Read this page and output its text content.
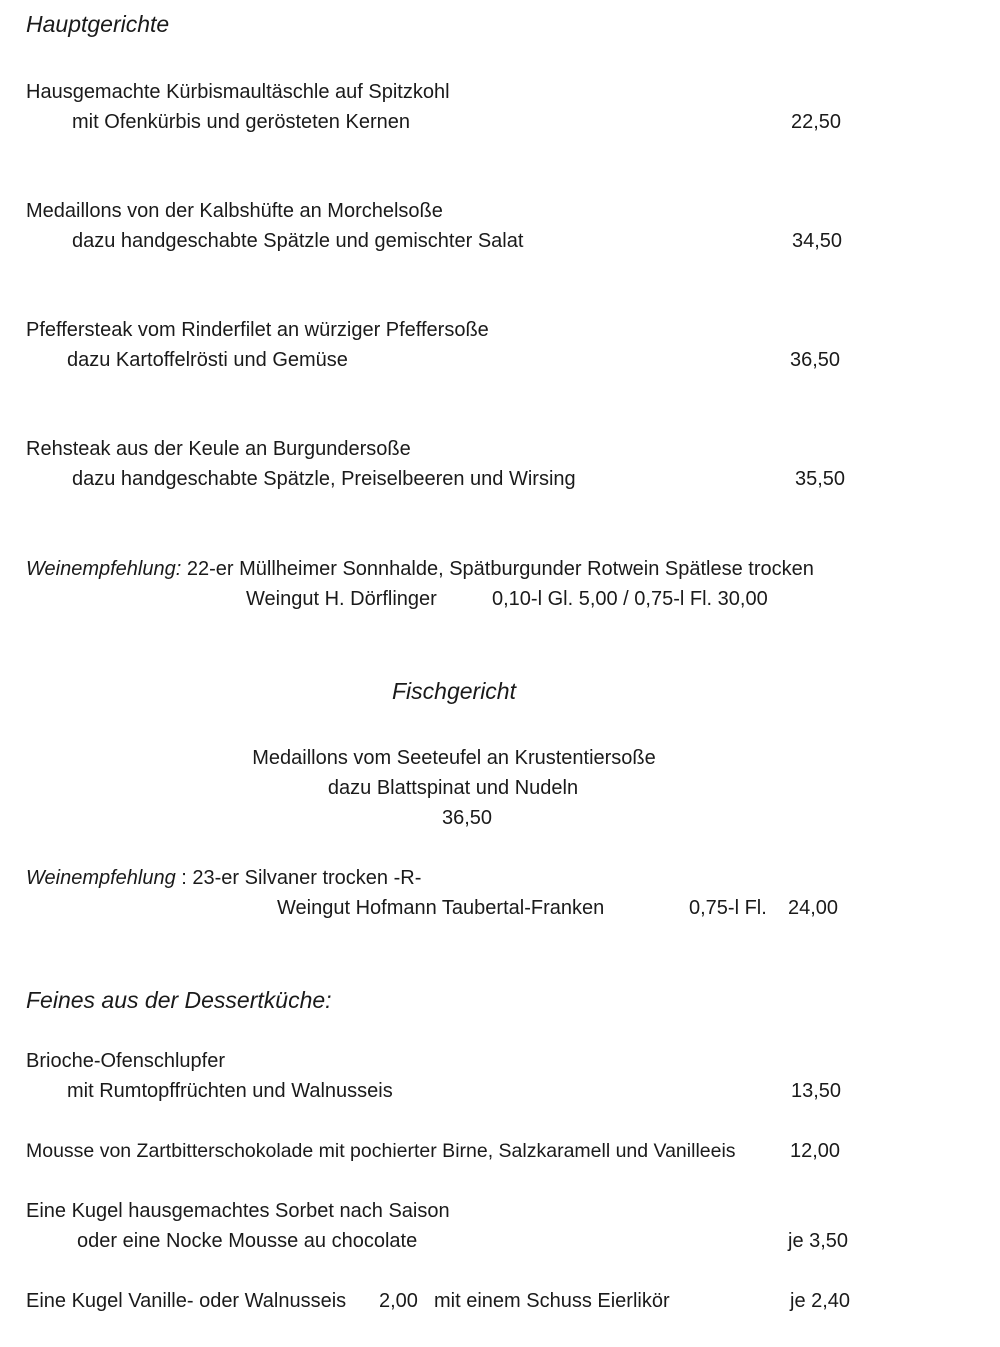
Hauptgerichte
Hausgemachte Kürbismaultäschle auf Spitzkohl
mit Ofenkürbis und gerösteten Kernen	22,50
Medaillons von der Kalbshüfte an Morchelsoße
dazu handgeschabte Spätzle und gemischter Salat	34,50
Pfeffersteak vom Rinderfilet an würziger Pfeffersoße
dazu Kartoffelrösti und Gemüse	36,50
Rehsteak aus der Keule an Burgundersoße
dazu handgeschabte Spätzle, Preiselbeeren und Wirsing	35,50
Weinempfehlung: 22-er Müllheimer Sonnhalde, Spätburgunder Rotwein Spätlese trocken
Weingut H. Dörflinger	0,10-l Gl. 5,00 / 0,75-l Fl. 30,00
Fischgericht
Medaillons vom Seeteufel an Krustentiersoße
dazu Blattspinat und Nudeln
36,50
Weinempfehlung : 23-er Silvaner trocken -R-
Weingut Hofmann Taubertal-Franken	0,75-l Fl. 24,00
Feines aus der Dessertküche:
Brioche-Ofenschlupfer
mit Rumtopffrüchten und Walnusseis	13,50
Mousse von Zartbitterschokolade mit pochierter Birne, Salzkaramell und Vanilleeis	12,00
Eine Kugel hausgemachtes Sorbet nach Saison
oder eine Nocke Mousse au chocolate	je 3,50
Eine Kugel Vanille- oder Walnusseis 2,00 mit einem Schuss Eierlikör	je 2,40
